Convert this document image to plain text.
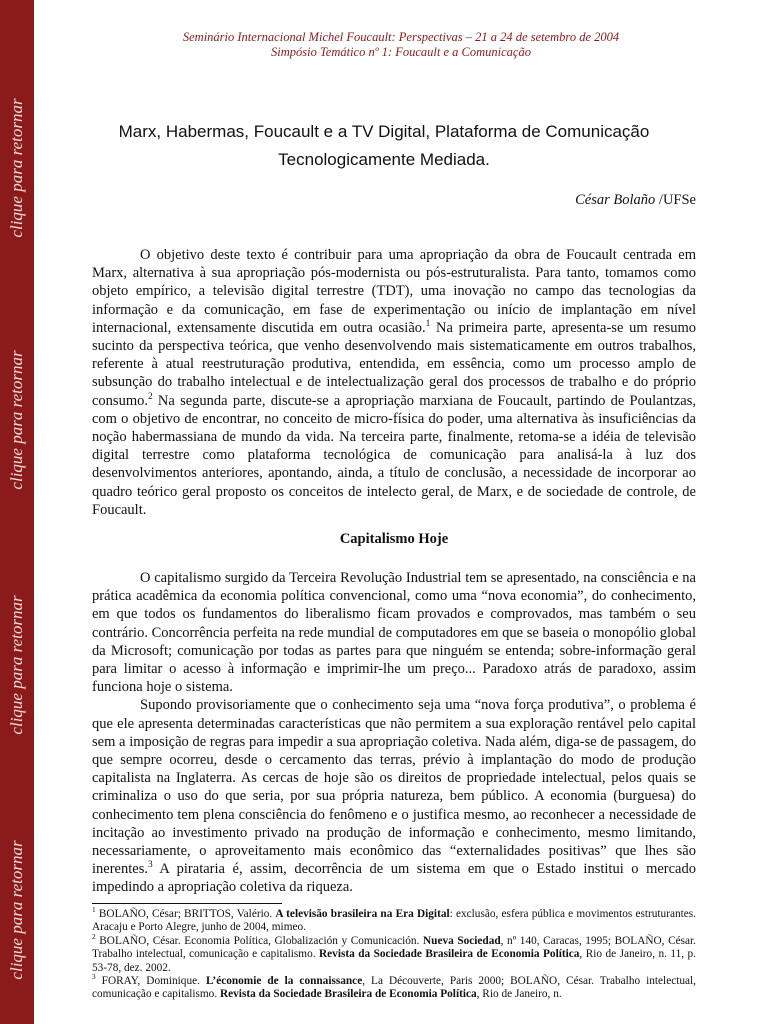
clique para retornar
clique para retornar
clique para retornar
clique para retornar
Seminário Internacional Michel Foucault: Perspectivas – 21 a 24 de setembro de 2004
Simpósio Temático nº 1: Foucault e a Comunicação
Marx, Habermas, Foucault e a TV Digital, Plataforma de Comunicação
Tecnologicamente Mediada.
César Bolaño /UFSe

O objetivo deste texto é contribuir para uma apropriação da obra de Foucault centrada em Marx, alternativa à sua apropriação pós-modernista ou pós-estruturalista. Para tanto, tomamos como objeto empírico, a televisão digital terrestre (TDT), uma inovação no campo das tecnologias da informação e da comunicação, em fase de experimentação ou início de implantação em nível internacional, extensamente discutida em outra ocasião.$^1$ Na primeira parte, apresenta-se um resumo sucinto da perspectiva teórica, que venho desenvolvendo mais sistematicamente em outros trabalhos, referente à atual reestruturação produtiva, entendida, em essência, como um processo amplo de subsunção do trabalho intelectual e de intelectualização geral dos processos de trabalho e do próprio consumo.$^2$ Na segunda parte, discute-se a apropriação marxiana de Foucault, partindo de Poulantzas, com o objetivo de encontrar, no conceito de micro-física do poder, uma alternativa às insuficiências da noção habermassiana de mundo da vida. Na terceira parte, finalmente, retoma-se a idéia de televisão digital terrestre como plataforma tecnológica de comunicação para analisá-la à luz dos desenvolvimentos anteriores, apontando, ainda, a título de conclusão, a necessidade de incorporar ao quadro teórico geral proposto os conceitos de intelecto geral, de Marx, e de sociedade de controle, de Foucault.

Capitalismo Hoje

O capitalismo surgido da Terceira Revolução Industrial tem se apresentado, na consciência e na prática acadêmica da economia política convencional, como uma “nova economia”, do conhecimento, em que todos os fundamentos do liberalismo ficam provados e comprovados, mas também o seu contrário. Concorrência perfeita na rede mundial de computadores em que se baseia o monopólio global da Microsoft; comunicação por todas as partes para que ninguém se entenda; sobre-informação geral para limitar o acesso à informação e imprimir-lhe um preço... Paradoxo atrás de paradoxo, assim funciona hoje o sistema.

Supondo provisoriamente que o conhecimento seja uma “nova força produtiva”, o problema é que ele apresenta determinadas características que não permitem a sua exploração rentável pelo capital sem a imposição de regras para impedir a sua apropriação coletiva. Nada além, diga-se de passagem, do que sempre ocorreu, desde o cercamento das terras, prévio à implantação do modo de produção capitalista na Inglaterra. As cercas de hoje são os direitos de propriedade intelectual, pelos quais se criminaliza o uso do que seria, por sua própria natureza, bem público. A economia (burguesa) do conhecimento tem plena consciência do fenômeno e o justifica mesmo, ao reconhecer a necessidade de incitação ao investimento privado na produção de informação e conhecimento, mesmo limitando, necessariamente, o aproveitamento mais econômico das “externalidades positivas” que lhes são inerentes.$^3$ A pirataria é, assim, decorrência de um sistema em que o Estado institui o mercado impedindo a apropriação coletiva da riqueza.

$^1$ BOLAÑO, César; BRITTOS, Valério. A televisão brasileira na Era Digital: exclusão, esfera pública e movimentos estruturantes. Aracaju e Porto Alegre, junho de 2004, mimeo.

$^2$ BOLAÑO, César. Economia Política, Globalización y Comunicación. Nueva Sociedad, nº 140, Caracas, 1995; BOLAÑO, César. Trabalho intelectual, comunicação e capitalismo. Revista da Sociedade Brasileira de Economia Política, Rio de Janeiro, n. 11, p. 53-78, dez. 2002.

$^3$ FORAY, Dominique. L’économie de la connaissance, La Découverte, Paris 2000; BOLAÑO, César. Trabalho intelectual, comunicação e capitalismo. Revista da Sociedade Brasileira de Economia Política, Rio de Janeiro, n.
